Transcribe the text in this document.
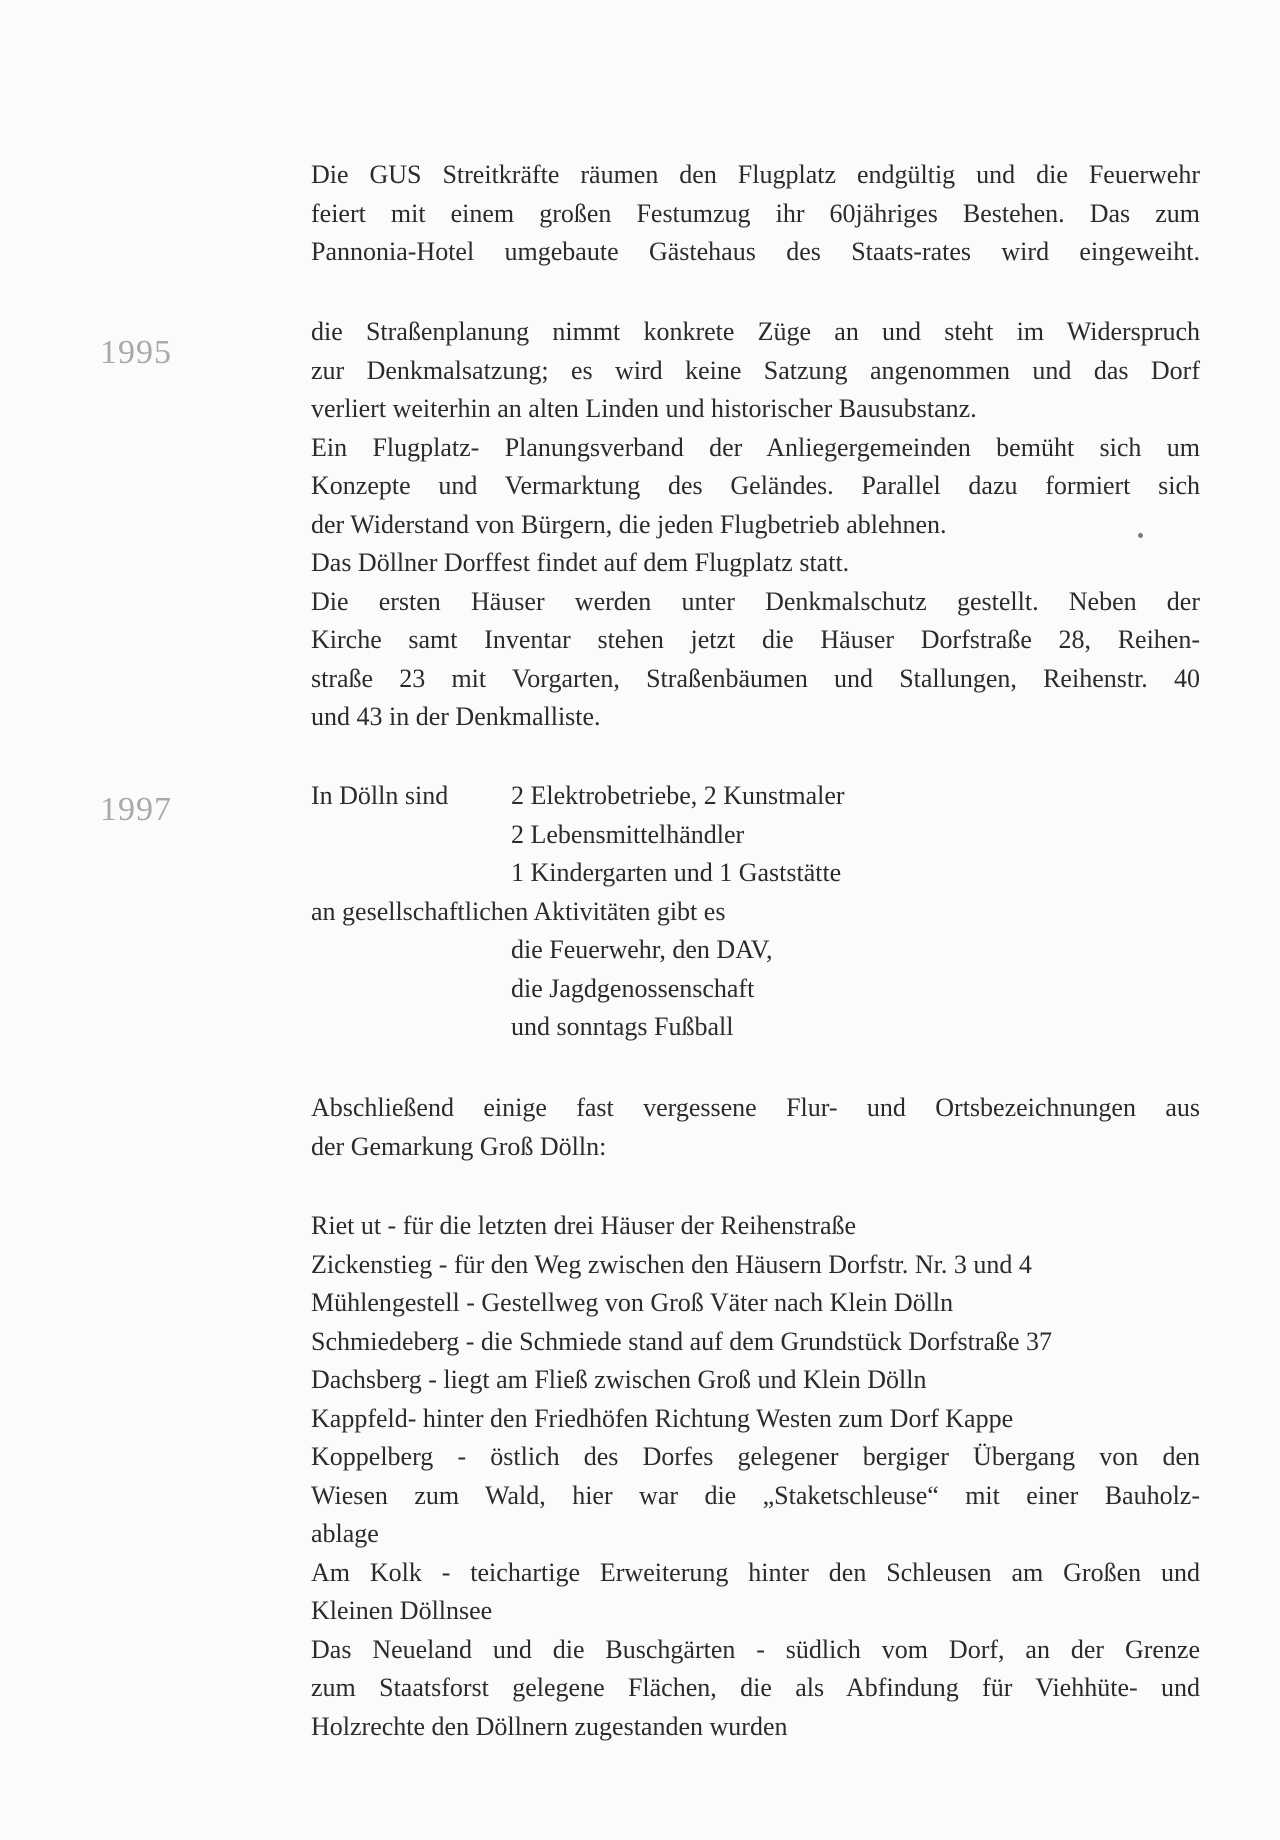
1995
1997

Die GUS Streitkräfte räumen den Flugplatz endgültig und die Feuerwehr

feiert mit einem großen Festumzug ihr 60jähriges Bestehen. Das zum

Pannonia-Hotel umgebaute Gästehaus des Staats-rates wird eingeweiht.

die Straßenplanung nimmt konkrete Züge an und steht im Widerspruch

zur Denkmalsatzung; es wird keine Satzung angenommen und das Dorf

verliert weiterhin an alten Linden und historischer Bausubstanz.

Ein Flugplatz- Planungsverband der Anliegergemeinden bemüht sich um

Konzepte und Vermarktung des Geländes. Parallel dazu formiert sich

der Widerstand von Bürgern, die jeden Flugbetrieb ablehnen.

Das Döllner Dorffest findet auf dem Flugplatz statt.

Die ersten Häuser werden unter Denkmalschutz gestellt. Neben der

Kirche samt Inventar stehen jetzt die Häuser Dorfstraße 28, Reihen-

straße 23 mit Vorgarten, Straßenbäumen und Stallungen, Reihenstr. 40

und 43 in der Denkmalliste.

In Dölln sind	2 Elektrobetriebe, 2 Kunstmaler
2 Lebensmittelhändler
1 Kindergarten und 1 Gaststätte
an gesellschaftlichen Aktivitäten gibt es
die Feuerwehr, den DAV,
die Jagdgenossenschaft
und sonntags Fußball

Abschließend einige fast vergessene Flur- und Ortsbezeichnungen aus

der Gemarkung Groß Dölln:

Riet ut - für die letzten drei Häuser der Reihenstraße

Zickenstieg - für den Weg zwischen den Häusern Dorfstr. Nr. 3 und 4

Mühlengestell - Gestellweg von Groß Väter nach Klein Dölln

Schmiedeberg - die Schmiede stand auf dem Grundstück Dorfstraße 37

Dachsberg - liegt am Fließ zwischen Groß und Klein Dölln

Kappfeld- hinter den Friedhöfen Richtung Westen zum Dorf Kappe

Koppelberg - östlich des Dorfes gelegener bergiger Übergang von den

Wiesen zum Wald, hier war die „Staketschleuse“ mit einer Bauholz-

ablage

Am Kolk - teichartige Erweiterung hinter den Schleusen am Großen und

Kleinen Döllnsee

Das Neueland und die Buschgärten - südlich vom Dorf, an der Grenze

zum Staatsforst gelegene Flächen, die als Abfindung für Viehhüte- und

Holzrechte den Döllnern zugestanden wurden
